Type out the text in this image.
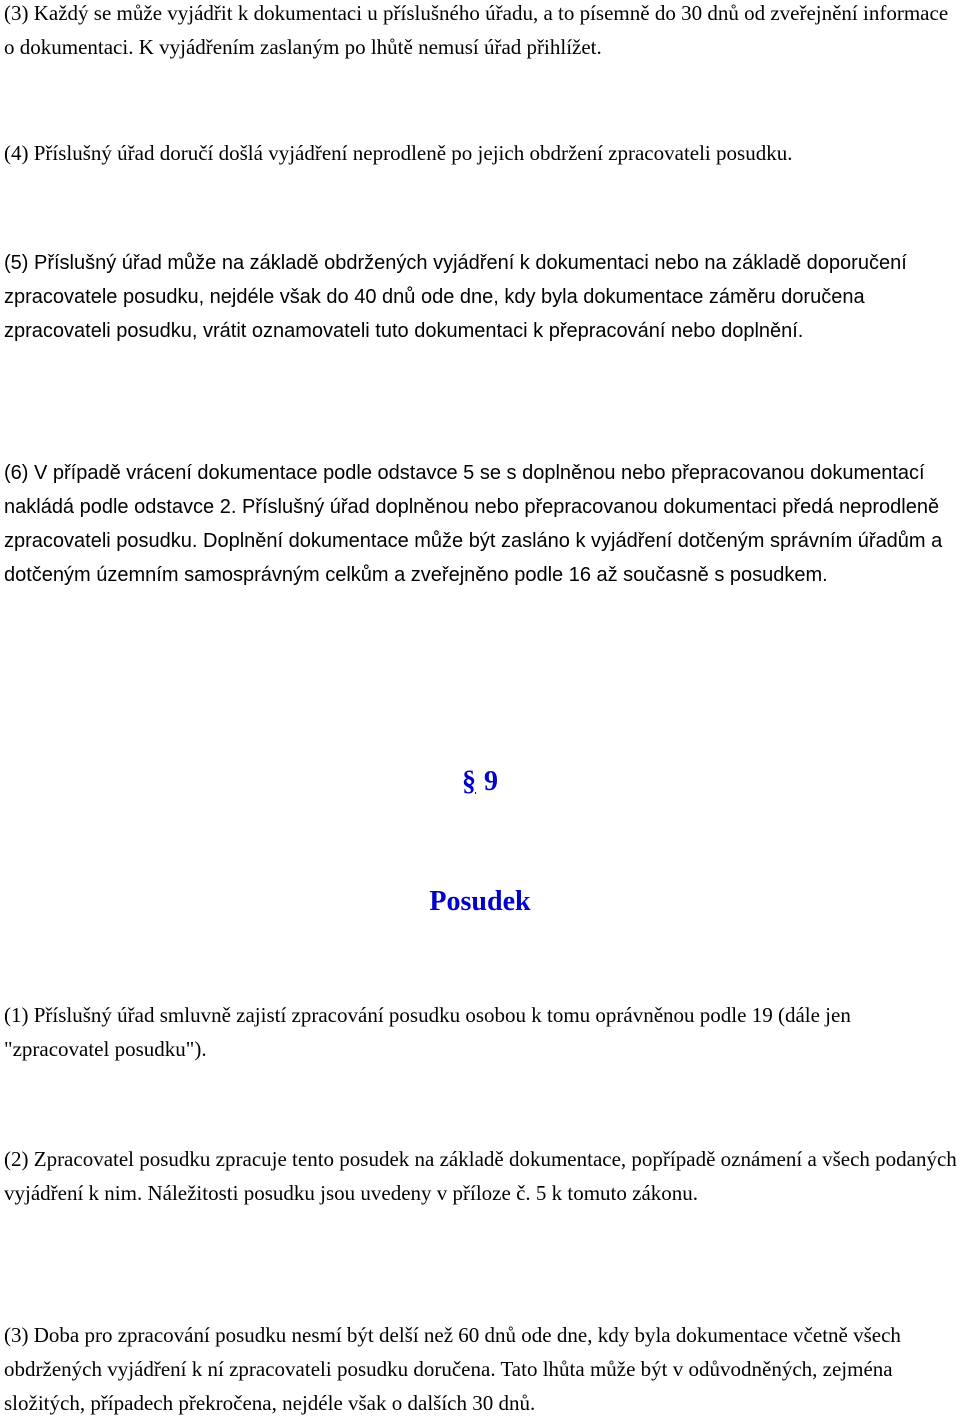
(3) Každý se může vyjádřit k dokumentaci u příslušného úřadu, a to písemně do 30 dnů od zveřejnění informace o dokumentaci. K vyjádřením zaslaným po lhůtě nemusí úřad přihlížet.

(4) Příslušný úřad doručí došlá vyjádření neprodleně po jejich obdržení zpracovateli posudku.

(5) Příslušný úřad může na základě obdržených vyjádření k dokumentaci nebo na základě doporučení zpracovatele posudku, nejdéle však do 40 dnů ode dne, kdy byla dokumentace záměru doručena zpracovateli posudku, vrátit oznamovateli tuto dokumentaci k přepracování nebo doplnění.

(6) V případě vrácení dokumentace podle odstavce 5 se s doplněnou nebo přepracovanou dokumentací nakládá podle odstavce 2. Příslušný úřad doplněnou nebo přepracovanou dokumentaci předá neprodleně zpracovateli posudku. Doplnění dokumentace může být zasláno k vyjádření dotčeným správním úřadům a dotčeným územním samosprávným celkům a zveřejněno podle 16 až současně s posudkem.

§ 9
Posudek

(1) Příslušný úřad smluvně zajistí zpracování posudku osobou k tomu oprávněnou podle 19 (dále jen "zpracovatel posudku").

(2) Zpracovatel posudku zpracuje tento posudek na základě dokumentace, popřípadě oznámení a všech podaných vyjádření k nim. Náležitosti posudku jsou uvedeny v příloze č. 5 k tomuto zákonu.

(3) Doba pro zpracování posudku nesmí být delší než 60 dnů ode dne, kdy byla dokumentace včetně všech obdržených vyjádření k ní zpracovateli posudku doručena. Tato lhůta může být v odůvodněných, zejména složitých, případech překročena, nejdéle však o dalších 30 dnů.
